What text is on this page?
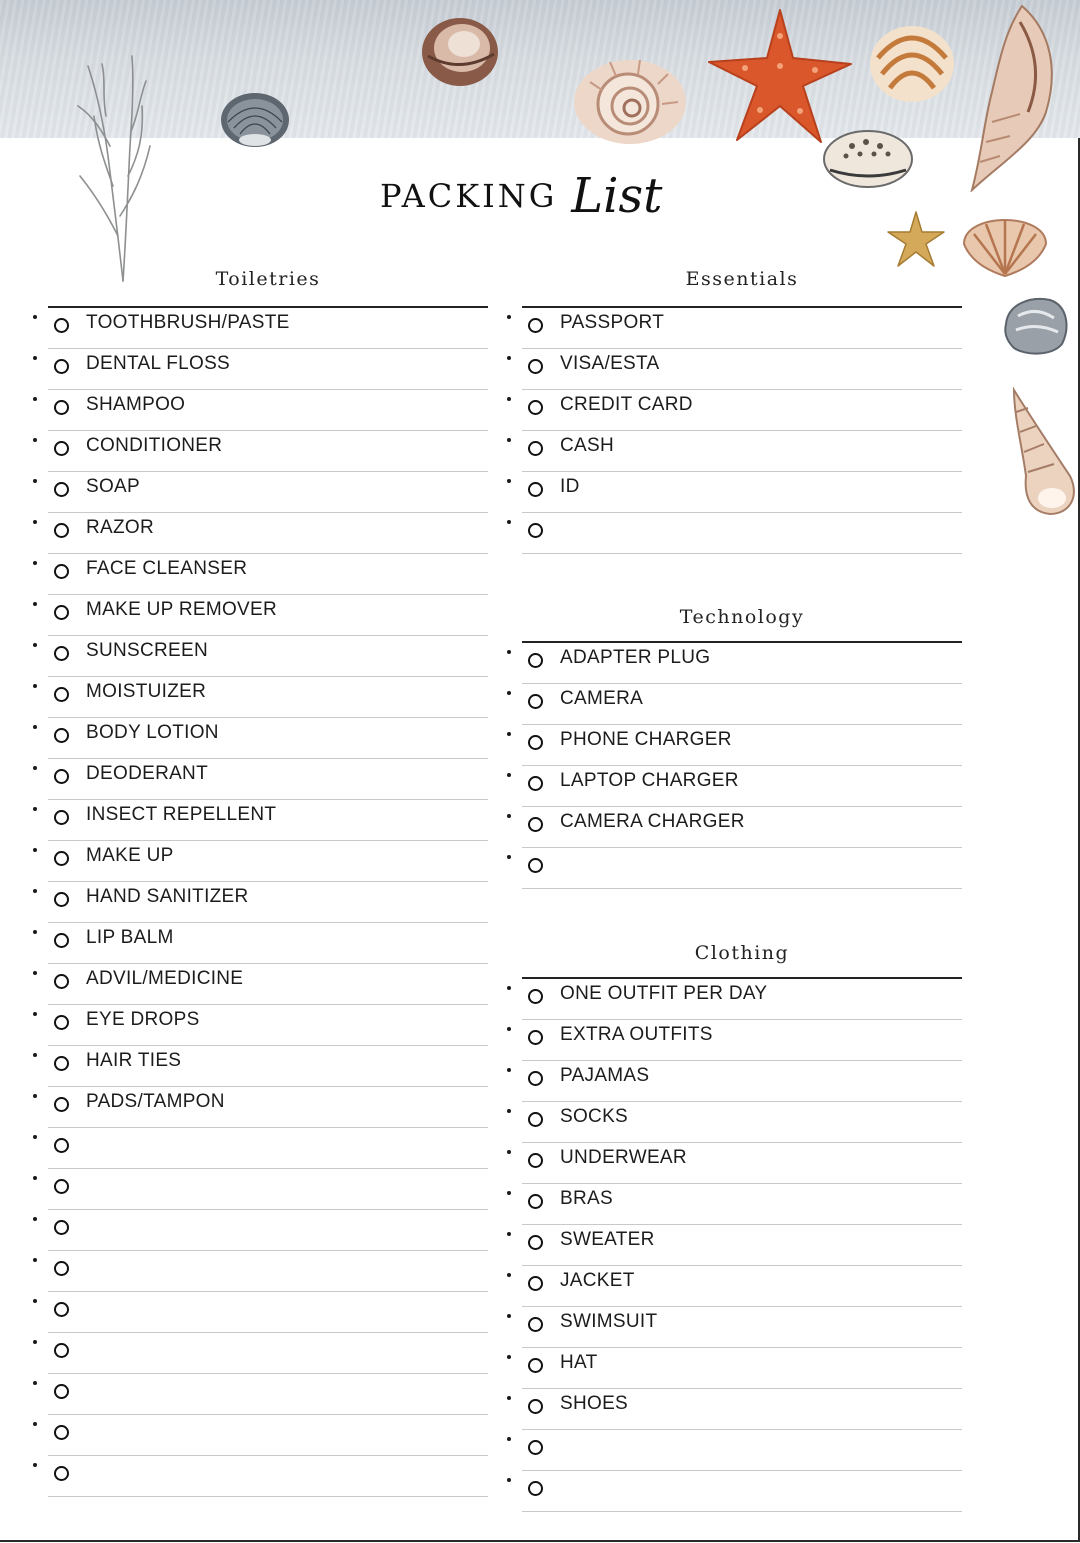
PACKING List
Toiletries	Essentials
Technology
Clothing
• TOOTHBRUSH/PASTE
• DENTAL FLOSS
• SHAMPOO
• CONDITIONER
• SOAP
• RAZOR
• FACE CLEANSER
• MAKE UP REMOVER
• SUNSCREEN
• MOISTUIZER
• BODY LOTION
• DEODERANT
• INSECT REPELLENT
• MAKE UP
• HAND SANITIZER
• LIP BALM
• ADVIL/MEDICINE
• EYE DROPS
• HAIR TIES
• PADS/TAMPON
•
•
•
•
•
•
•
•
•
• PASSPORT
• VISA/ESTA
• CREDIT CARD
• CASH
• ID
•
• ADAPTER PLUG
• CAMERA
• PHONE CHARGER
• LAPTOP CHARGER
• CAMERA CHARGER
•
• ONE OUTFIT PER DAY
• EXTRA OUTFITS
• PAJAMAS
• SOCKS
• UNDERWEAR
• BRAS
• SWEATER
• JACKET
• SWIMSUIT
• HAT
• SHOES
•
•
